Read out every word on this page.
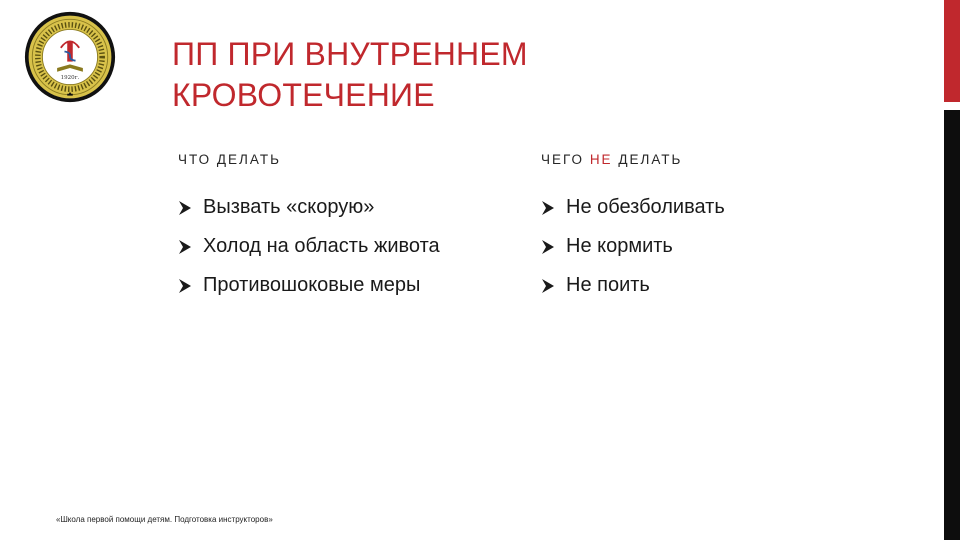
1920г.
ПП ПРИ ВНУТРЕННЕМ
КРОВОТЕЧЕНИЕ
ЧТО ДЕЛАТЬ
Вызвать «скорую»
Холод на область живота
Противошоковые меры
ЧЕГО НЕ ДЕЛАТЬ
Не обезболивать
Не кормить
Не поить
«Школа первой помощи детям. Подготовка инструкторов»
